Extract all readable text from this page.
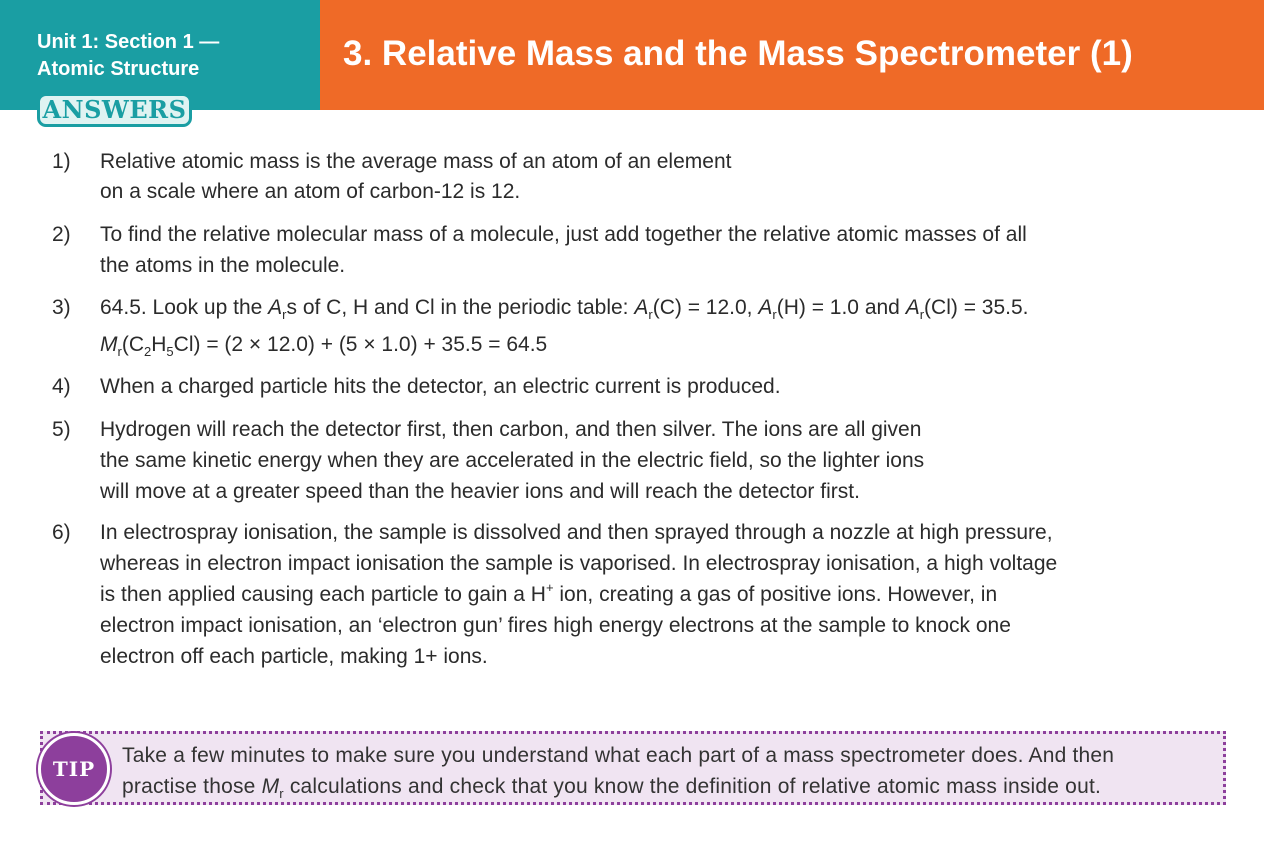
Unit 1: Section 1 —
Atomic Structure
ANSWERS
3. Relative Mass and the Mass Spectrometer (1)
1) Relative atomic mass is the average mass of an atom of an element
on a scale where an atom of carbon-12 is 12.
2) To find the relative molecular mass of a molecule, just add together the relative atomic masses of all
the atoms in the molecule.
3) 64.5. Look up the $A_rs$ of C, H and Cl in the periodic table: $A_r(C) = 12.0$, $A_r(H) = 1.0$ and $A_r(Cl) = 35.5$.
$M_r(C_2H_5Cl) = (2 \times 12.0) + (5 \times 1.0) + 35.5 = 64.5$
4) When a charged particle hits the detector, an electric current is produced.
5) Hydrogen will reach the detector first, then carbon, and then silver. The ions are all given
the same kinetic energy when they are accelerated in the electric field, so the lighter ions
will move at a greater speed than the heavier ions and will reach the detector first.
6) In electrospray ionisation, the sample is dissolved and then sprayed through a nozzle at high pressure,
whereas in electron impact ionisation the sample is vaporised. In electrospray ionisation, a high voltage
is then applied causing each particle to gain a H+ ion, creating a gas of positive ions. However, in
electron impact ionisation, an ‘electron gun’ fires high energy electrons at the sample to knock one
electron off each particle, making 1+ ions.
TIP
Take a few minutes to make sure you understand what each part of a mass spectrometer does. And then
practise those $M_r$ calculations and check that you know the definition of relative atomic mass inside out.
